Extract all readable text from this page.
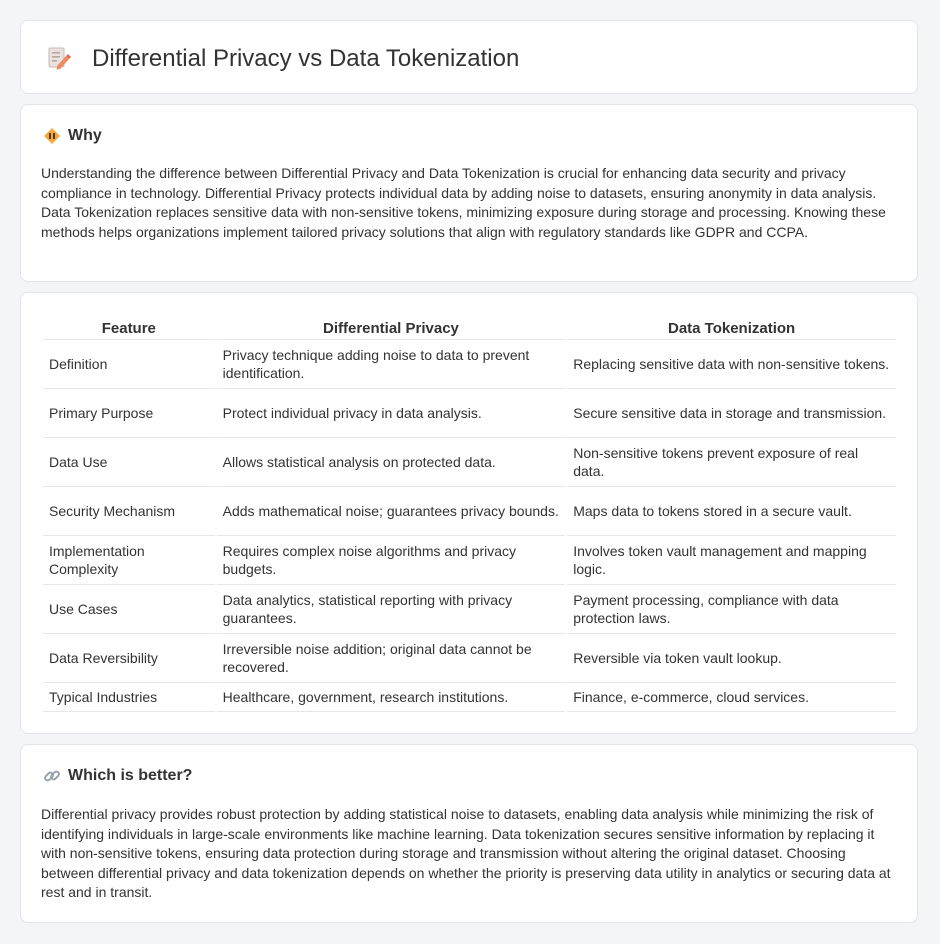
Differential Privacy vs Data Tokenization
Why

Understanding the difference between Differential Privacy and Data Tokenization is crucial for enhancing data security and privacy compliance in technology. Differential Privacy protects individual data by adding noise to datasets, ensuring anonymity in data analysis. Data Tokenization replaces sensitive data with non-sensitive tokens, minimizing exposure during storage and processing. Knowing these methods helps organizations implement tailored privacy solutions that align with regulatory standards like GDPR and CCPA.

Feature	Differential Privacy	Data Tokenization
Definition	Privacy technique adding noise to data to prevent identification.	Replacing sensitive data with non-sensitive tokens.
Primary Purpose	Protect individual privacy in data analysis.	Secure sensitive data in storage and transmission.
Data Use	Allows statistical analysis on protected data.	Non-sensitive tokens prevent exposure of real data.
Security Mechanism	Adds mathematical noise; guarantees privacy bounds.	Maps data to tokens stored in a secure vault.
Implementation Complexity	Requires complex noise algorithms and privacy budgets.	Involves token vault management and mapping logic.
Use Cases	Data analytics, statistical reporting with privacy guarantees.	Payment processing, compliance with data protection laws.
Data Reversibility	Irreversible noise addition; original data cannot be recovered.	Reversible via token vault lookup.
Typical Industries	Healthcare, government, research institutions.	Finance, e-commerce, cloud services.
Which is better?

Differential privacy provides robust protection by adding statistical noise to datasets, enabling data analysis while minimizing the risk of identifying individuals in large-scale environments like machine learning. Data tokenization secures sensitive information by replacing it with non-sensitive tokens, ensuring data protection during storage and transmission without altering the original dataset. Choosing between differential privacy and data tokenization depends on whether the priority is preserving data utility in analytics or securing data at rest and in transit.
